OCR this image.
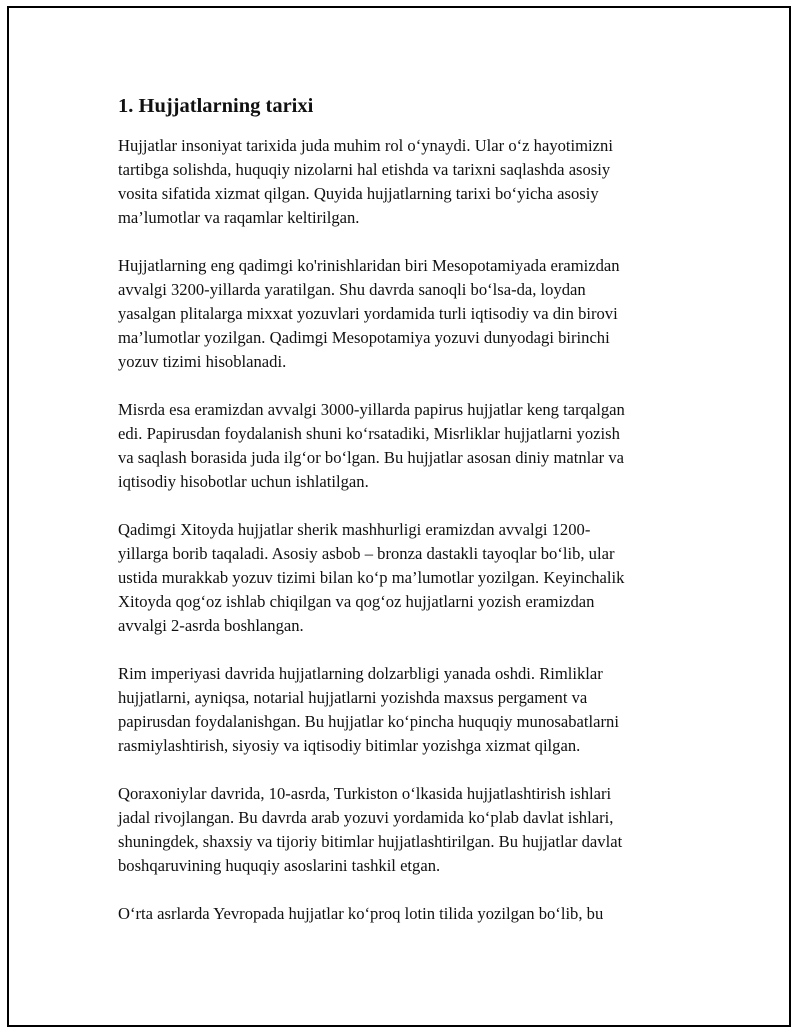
1. Hujjatlarning tarixi

Hujjatlar insoniyat tarixida juda muhim rol o‘ynaydi. Ular o‘z hayotimizni
tartibga solishda, huquqiy nizolarni hal etishda va tarixni saqlashda asosiy
vosita sifatida xizmat qilgan. Quyida hujjatlarning tarixi bo‘yicha asosiy
ma’lumotlar va raqamlar keltirilgan.

Hujjatlarning eng qadimgi ko'rinishlaridan biri Mesopotamiyada eramizdan
avvalgi 3200-yillarda yaratilgan. Shu davrda sanoqli bo‘lsa-da, loydan
yasalgan plitalarga mixxat yozuvlari yordamida turli iqtisodiy va din birovi
ma’lumotlar yozilgan. Qadimgi Mesopotamiya yozuvi dunyodagi birinchi
yozuv tizimi hisoblanadi.

Misrda esa eramizdan avvalgi 3000-yillarda papirus hujjatlar keng tarqalgan
edi. Papirusdan foydalanish shuni ko‘rsatadiki, Misrliklar hujjatlarni yozish
va saqlash borasida juda ilg‘or bo‘lgan. Bu hujjatlar asosan diniy matnlar va
iqtisodiy hisobotlar uchun ishlatilgan.

Qadimgi Xitoyda hujjatlar sherik mashhurligi eramizdan avvalgi 1200-
yillarga borib taqaladi. Asosiy asbob – bronza dastakli tayoqlar bo‘lib, ular
ustida murakkab yozuv tizimi bilan ko‘p ma’lumotlar yozilgan. Keyinchalik
Xitoyda qog‘oz ishlab chiqilgan va qog‘oz hujjatlarni yozish eramizdan
avvalgi 2-asrda boshlangan.

Rim imperiyasi davrida hujjatlarning dolzarbligi yanada oshdi. Rimliklar
hujjatlarni, ayniqsa, notarial hujjatlarni yozishda maxsus pergament va
papirusdan foydalanishgan. Bu hujjatlar ko‘pincha huquqiy munosabatlarni
rasmiylashtirish, siyosiy va iqtisodiy bitimlar yozishga xizmat qilgan.

Qoraxoniylar davrida, 10-asrda, Turkiston o‘lkasida hujjatlashtirish ishlari
jadal rivojlangan. Bu davrda arab yozuvi yordamida ko‘plab davlat ishlari,
shuningdek, shaxsiy va tijoriy bitimlar hujjatlashtirilgan. Bu hujjatlar davlat
boshqaruvining huquqiy asoslarini tashkil etgan.

O‘rta asrlarda Yevropada hujjatlar ko‘proq lotin tilida yozilgan bo‘lib, bu
